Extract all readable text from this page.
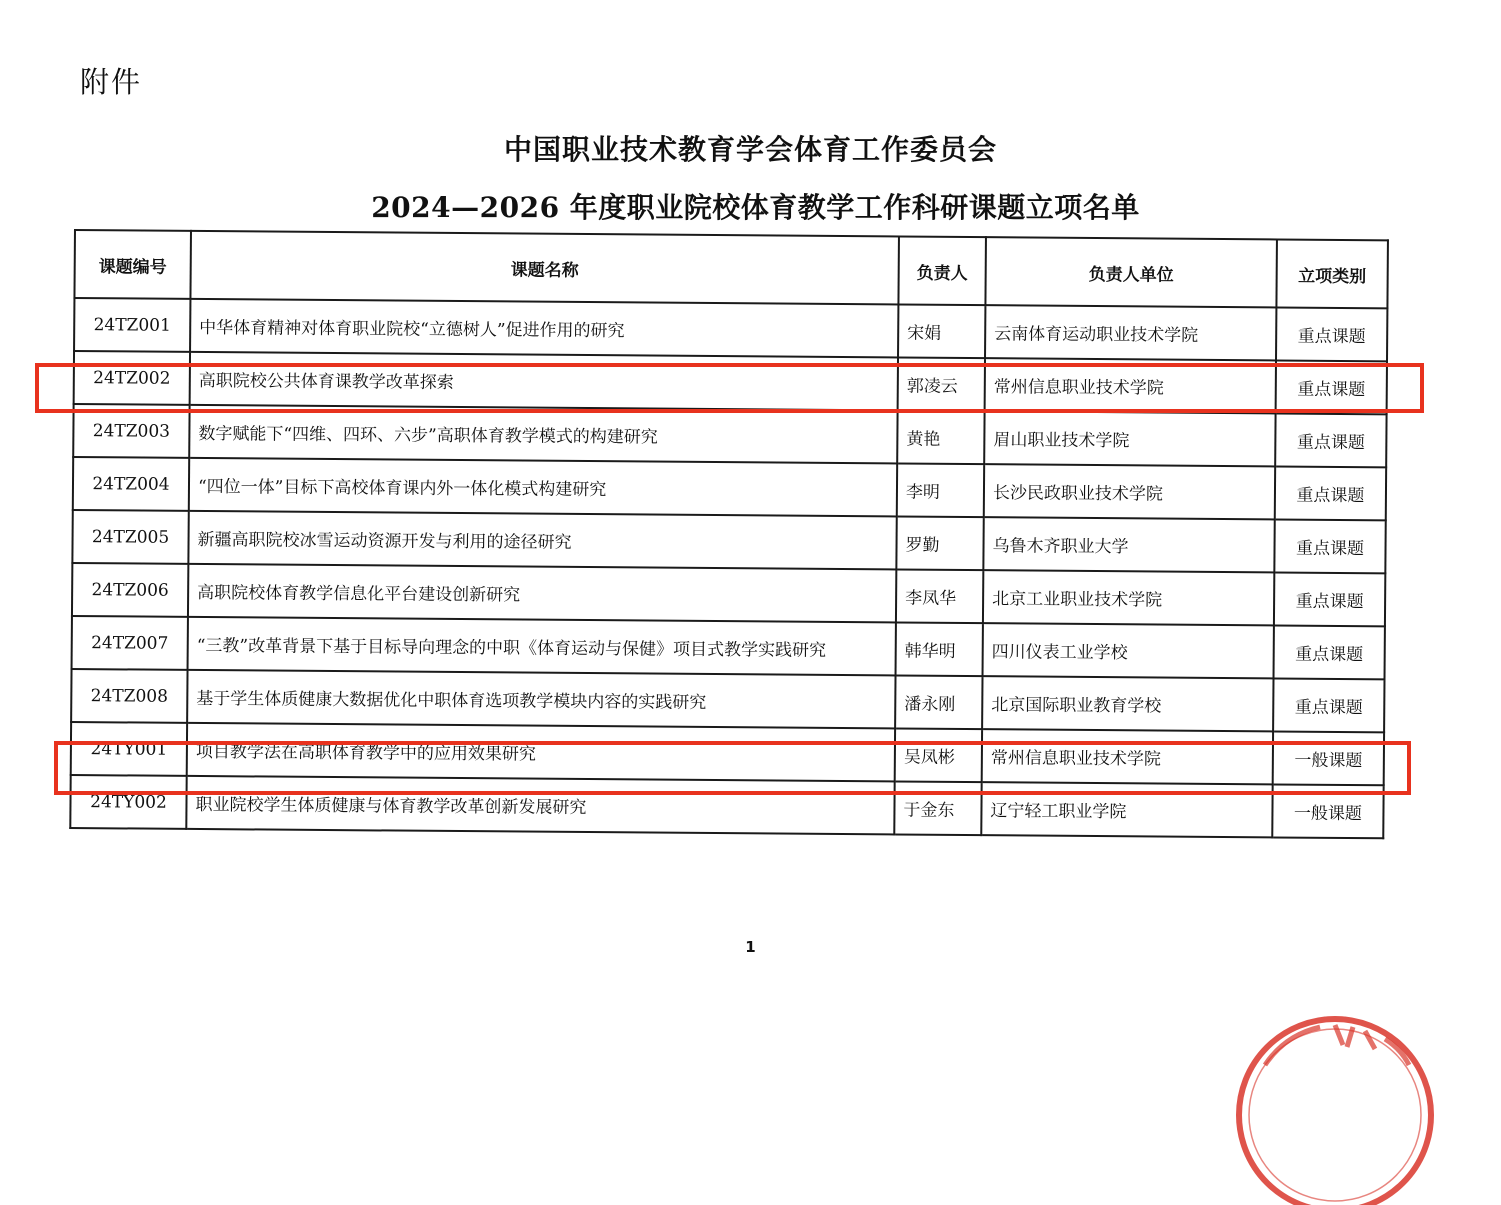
附件
中国职业技术教育学会体育工作委员会
2024—2026 年度职业院校体育教学工作科研课题立项名单
课题编号	课题名称	负责人	负责人单位	立项类别
24TZ001	中华体育精神对体育职业院校“立德树人”促进作用的研究	宋娟	云南体育运动职业技术学院	重点课题
24TZ002	高职院校公共体育课教学改革探索	郭凌云	常州信息职业技术学院	重点课题
24TZ003	数字赋能下“四维、四环、六步”高职体育教学模式的构建研究	黄艳	眉山职业技术学院	重点课题
24TZ004	“四位一体”目标下高校体育课内外一体化模式构建研究	李明	长沙民政职业技术学院	重点课题
24TZ005	新疆高职院校冰雪运动资源开发与利用的途径研究	罗勤	乌鲁木齐职业大学	重点课题
24TZ006	高职院校体育教学信息化平台建设创新研究	李凤华	北京工业职业技术学院	重点课题
24TZ007	“三教”改革背景下基于目标导向理念的中职《体育运动与保健》项目式教学实践研究	韩华明	四川仪表工业学校	重点课题
24TZ008	基于学生体质健康大数据优化中职体育选项教学模块内容的实践研究	潘永刚	北京国际职业教育学校	重点课题
24TY001	项目教学法在高职体育教学中的应用效果研究	吴凤彬	常州信息职业技术学院	一般课题
24TY002	职业院校学生体质健康与体育教学改革创新发展研究	于金东	辽宁轻工职业学院	一般课题
1
